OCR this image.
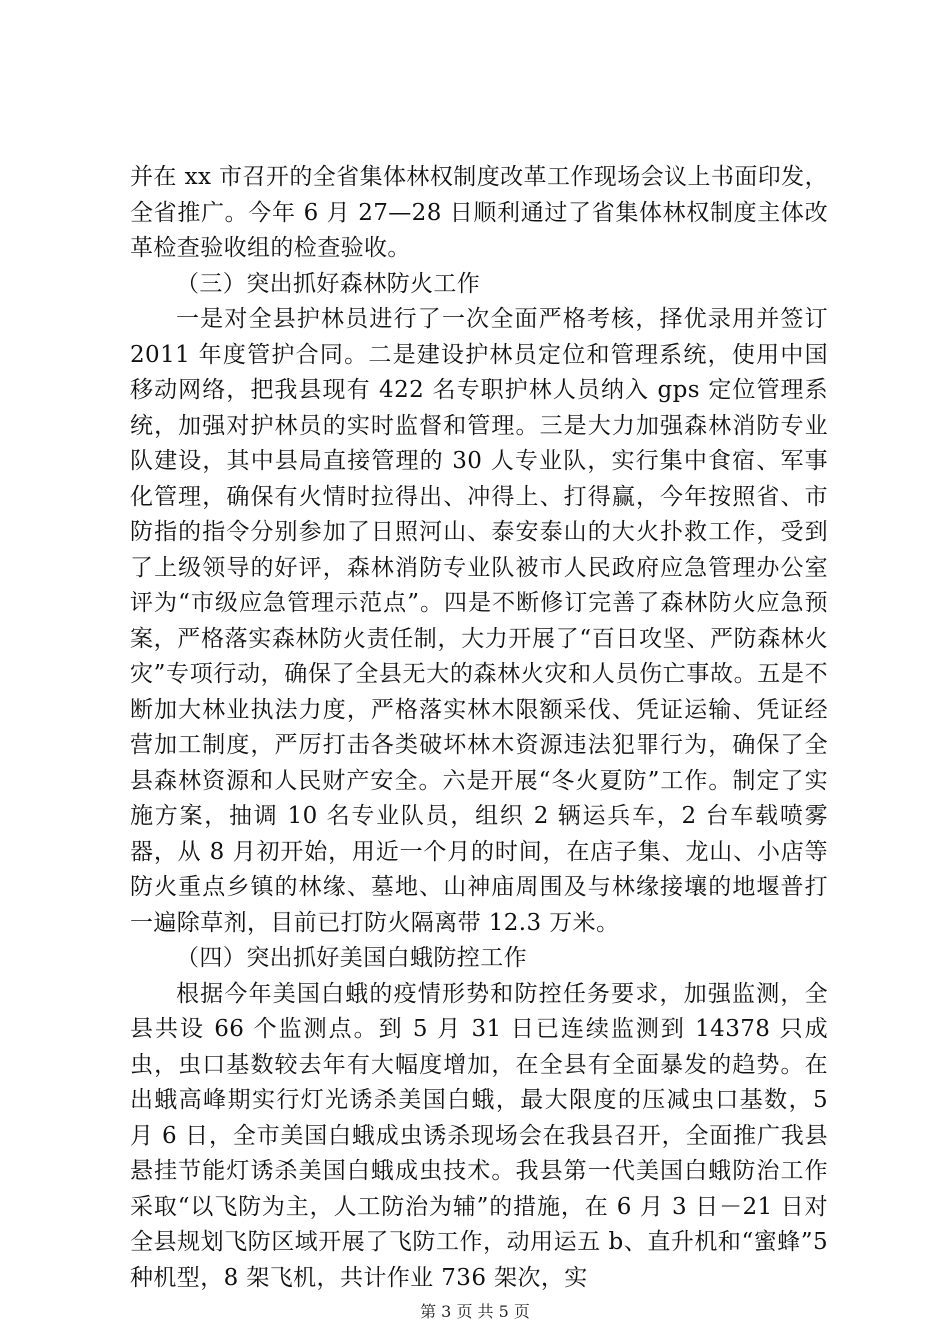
并在 xx 市召开的全省集体林权制度改革工作现场会议上书面印发，全省推广。今年 6 月 27—28 日顺利通过了省集体林权制度主体改革检查验收组的检查验收。

（三）突出抓好森林防火工作

一是对全县护林员进行了一次全面严格考核，择优录用并签订 2011 年度管护合同。二是建设护林员定位和管理系统，使用中国移动网络，把我县现有 422 名专职护林人员纳入 gps 定位管理系统，加强对护林员的实时监督和管理。三是大力加强森林消防专业队建设，其中县局直接管理的 30 人专业队，实行集中食宿、军事化管理，确保有火情时拉得出、冲得上、打得赢，今年按照省、市防指的指令分别参加了日照河山、泰安泰山的大火扑救工作，受到了上级领导的好评，森林消防专业队被市人民政府应急管理办公室评为“市级应急管理示范点”。四是不断修订完善了森林防火应急预案，严格落实森林防火责任制，大力开展了“百日攻坚、严防森林火灾”专项行动，确保了全县无大的森林火灾和人员伤亡事故。五是不断加大林业执法力度，严格落实林木限额采伐、凭证运输、凭证经营加工制度，严厉打击各类破坏林木资源违法犯罪行为，确保了全县森林资源和人民财产安全。六是开展“冬火夏防”工作。制定了实施方案，抽调 10 名专业队员，组织 2 辆运兵车，2 台车载喷雾器，从 8 月初开始，用近一个月的时间，在店子集、龙山、小店等防火重点乡镇的林缘、墓地、山神庙周围及与林缘接壤的地堰普打一遍除草剂，目前已打防火隔离带 12.3 万米。

（四）突出抓好美国白蛾防控工作

根据今年美国白蛾的疫情形势和防控任务要求，加强监测，全县共设 66 个监测点。到 5 月 31 日已连续监测到 14378 只成虫，虫口基数较去年有大幅度增加，在全县有全面暴发的趋势。在出蛾高峰期实行灯光诱杀美国白蛾，最大限度的压减虫口基数，5 月 6 日，全市美国白蛾成虫诱杀现场会在我县召开，全面推广我县悬挂节能灯诱杀美国白蛾成虫技术。我县第一代美国白蛾防治工作采取“以飞防为主，人工防治为辅”的措施，在 6 月 3 日－21 日对全县规划飞防区域开展了飞防工作，动用运五 b、直升机和“蜜蜂”5 种机型，8 架飞机，共计作业 736 架次，实

第 3 页 共 5 页
